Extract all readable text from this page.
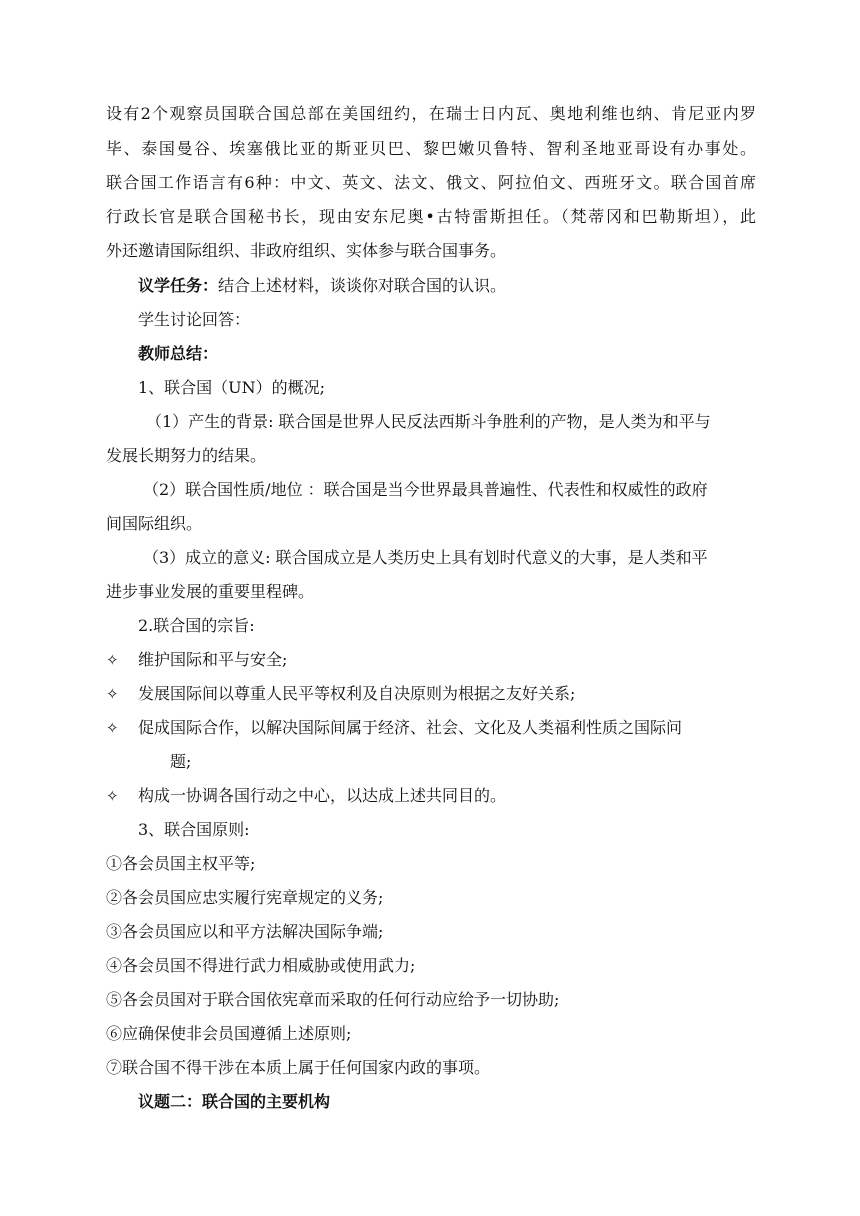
设有2个观察员国联合国总部在美国纽约，在瑞士日内瓦、奥地利维也纳、肯尼亚内罗
毕、泰国曼谷、埃塞俄比亚的斯亚贝巴、黎巴嫩贝鲁特、智利圣地亚哥设有办事处。
联合国工作语言有6种：中文、英文、法文、俄文、阿拉伯文、西班牙文。联合国首席
行政长官是联合国秘书长，现由安东尼奥•古特雷斯担任。（梵蒂冈和巴勒斯坦），此
外还邀请国际组织、非政府组织、实体参与联合国事务。
议学任务：结合上述材料，谈谈你对联合国的认识。
学生讨论回答：
教师总结：
1、联合国（UN）的概况;
（1）产生的背景: 联合国是世界人民反法西斯斗争胜利的产物，是人类为和平与
发展长期努力的结果。
（2）联合国性质/地位 ：联合国是当今世界最具普遍性、代表性和权威性的政府
间国际组织。
（3）成立的意义: 联合国成立是人类历史上具有划时代意义的大事，是人类和平
进步事业发展的重要里程碑。
2.联合国的宗旨:
✧ 维护国际和平与安全;
✧ 发展国际间以尊重人民平等权利及自决原则为根据之友好关系;
✧ 促成国际合作，以解决国际间属于经济、社会、文化及人类福利性质之国际问
题;
✧ 构成一协调各国行动之中心，以达成上述共同目的。
3、联合国原则:
①各会员国主权平等;
②各会员国应忠实履行宪章规定的义务;
③各会员国应以和平方法解决国际争端;
④各会员国不得进行武力相威胁或使用武力;
⑤各会员国对于联合国依宪章而采取的任何行动应给予一切协助;
⑥应确保使非会员国遵循上述原则;
⑦联合国不得干涉在本质上属于任何国家内政的事项。
议题二：联合国的主要机构
